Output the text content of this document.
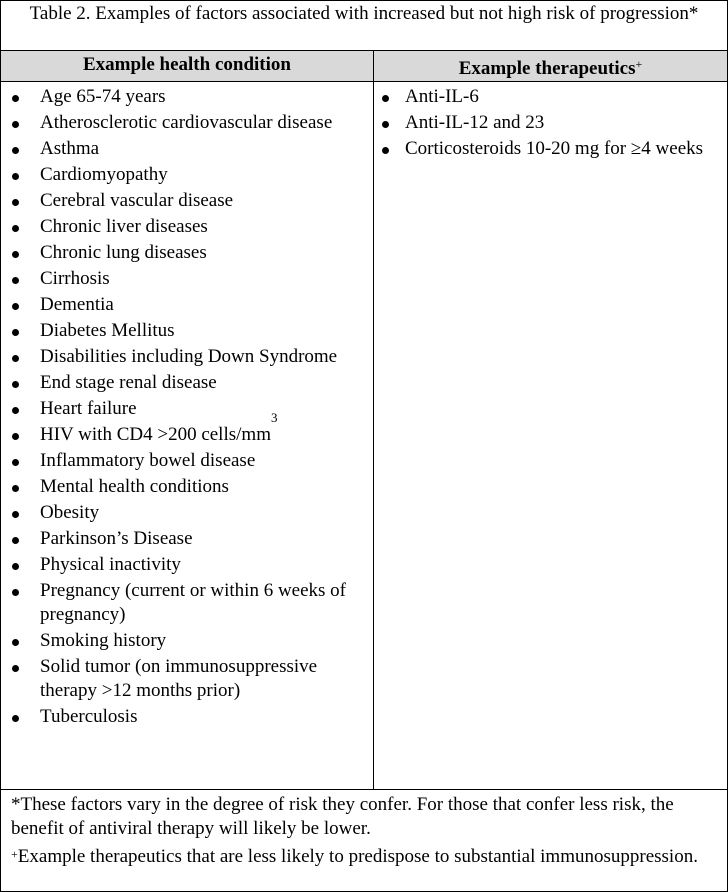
Table 2. Examples of factors associated with increased but not high risk of progression*
Example health condition	Example therapeutics+
Age 65-74 years
Atherosclerotic cardiovascular disease
Asthma
Cardiomyopathy
Cerebral vascular disease
Chronic liver diseases
Chronic lung diseases
Cirrhosis
Dementia
Diabetes Mellitus
Disabilities including Down Syndrome
End stage renal disease
Heart failure
HIV with CD4 >200 cells/$mm^3$
Inflammatory bowel disease
Mental health conditions
Obesity
Parkinson’s Disease
Physical inactivity
Pregnancy (current or within 6 weeks of pregnancy)
Smoking history
Solid tumor (on immunosuppressive therapy >12 months prior)
Tuberculosis
Anti-IL-6
Anti-IL-12 and 23
Corticosteroids 10-20 mg for ≥4 weeks

*These factors vary in the degree of risk they confer. For those that confer less risk, the benefit of antiviral therapy will likely be lower.

+Example therapeutics that are less likely to predispose to substantial immunosuppression.
